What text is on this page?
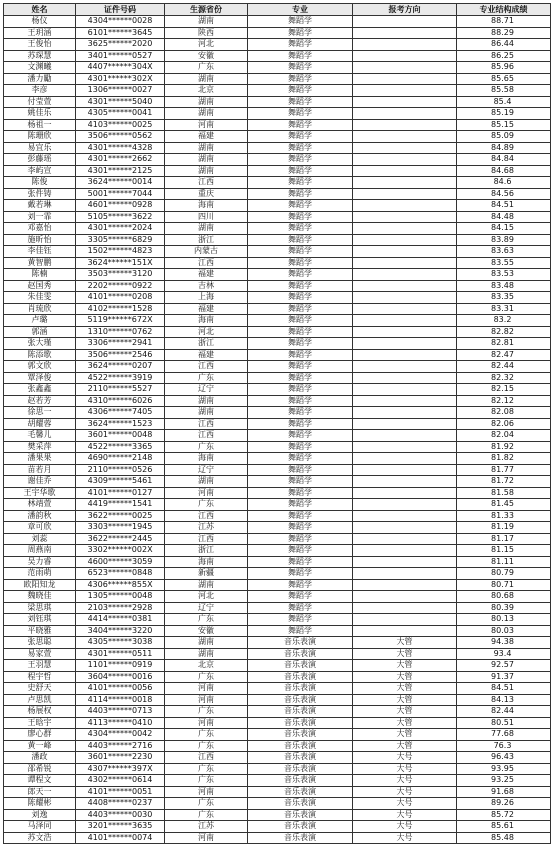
姓名	证件号码	生源省份	专业	报考方向	专业结构成绩
杨仪	4304******0028	湖南	舞蹈学		88.71
王玥涵	6101******3645	陕西	舞蹈学		88.29
王俊怡	3625******2020	河北	舞蹈学		86.44
苏琛慧	3401******0527	安徽	舞蹈学		86.25
文渊曦	4407******304X	广东	舞蹈学		85.96
潘力勵	4301******302X	湖南	舞蹈学		85.65
李彦	1306******0027	北京	舞蹈学		85.58
付莹萱	4301******5040	湖南	舞蹈学		85.4
姚佳乐	4305******0041	湖南	舞蹈学		85.19
杨祖一	4103******0025	河南	舞蹈学		85.15
陈珊欣	3506******0562	福建	舞蹈学		85.09
易宜乐	4301******4328	湖南	舞蹈学		84.89
彭藤瑶	4301******2662	湖南	舞蹈学		84.84
李屿宣	4301******2125	湖南	舞蹈学		84.68
陈俊	3624******0014	江西	舞蹈学		84.6
张件铸	5001******7044	重庆	舞蹈学		84.56
戴若琳	4601******0928	海南	舞蹈学		84.51
刘一霏	5105******3622	四川	舞蹈学		84.48
邓嘉怡	4301******2024	湖南	舞蹈学		84.15
施昕怡	3305******6829	浙江	舞蹈学		83.89
李佳钰	1502******4823	内蒙古	舞蹈学		83.63
黄智鹏	3624******151X	江西	舞蹈学		83.55
陈楠	3503******3120	福建	舞蹈学		83.53
赵国秀	2202******0922	吉林	舞蹈学		83.48
朱佳雯	4101******0208	上海	舞蹈学		83.35
肖琉欣	4102******1528	福建	舞蹈学		83.31
卢璐	5119******672X	海南	舞蹈学		83.2
郭涵	1310******0762	河北	舞蹈学		82.82
张大瑾	3306******2941	浙江	舞蹈学		82.81
陈添歌	3506******2546	福建	舞蹈学		82.47
郭文欣	3624******0207	江西	舞蹈学		82.44
覃泽俊	4522******3919	广东	舞蹈学		82.32
张鑫鑫	2110******5527	辽宁	舞蹈学		82.15
赵若芳	4310******6026	湖南	舞蹈学		82.12
徐思一	4306******7405	湖南	舞蹈学		82.08
胡耀蓉	3624******1523	江西	舞蹈学		82.06
毛馨儿	3601******0048	江西	舞蹈学		82.04
樊采萍	4522******3365	广东	舞蹈学		81.92
潘果果	4690******2148	海南	舞蹈学		81.82
苗若月	2110******0526	辽宁	舞蹈学		81.77
谢佳乔	4309******5461	湖南	舞蹈学		81.72
王宇华歌	4101******0127	河南	舞蹈学		81.58
林靖萱	4419******1541	广东	舞蹈学		81.45
潘韵秋	3622******0025	江西	舞蹈学		81.33
章可欣	3303******1945	江苏	舞蹈学		81.19
刘蕊	3622******2445	江西	舞蹈学		81.17
周燕南	3302******002X	浙江	舞蹈学		81.15
吴力睿	4600******3059	海南	舞蹈学		81.11
范雨萌	6523******0848	新疆	舞蹈学		80.79
欧阳知龙	4306******855X	湖南	舞蹈学		80.71
魏晓佳	1305******0048	河北	舞蹈学		80.68
梁思琪	2103******2928	辽宁	舞蹈学		80.39
刘钰琪	4414******0381	广东	舞蹈学		80.13
平晓雅	3404******3220	安徽	舞蹈学		80.03
张思聪	4305******3038	湖南	音乐表演	大管	94.38
易家萱	4301******0511	湖南	音乐表演	大管	93.4
王羽慧	1101******0919	北京	音乐表演	大管	92.57
程宇哲	3604******0016	广东	音乐表演	大管	91.37
史舒天	4101******0056	河南	音乐表演	大管	84.51
卢思凯	4114******0018	河南	音乐表演	大管	84.13
杨展权	4403******0713	广东	音乐表演	大管	82.44
王晗宇	4113******0410	河南	音乐表演	大管	80.51
廖心群	4304******0042	广东	音乐表演	大管	77.68
黄一峰	4403******2716	广东	音乐表演	大管	76.3
潘政	3601******2230	江西	音乐表演	大号	96.43
邵希锐	4307******397X	广东	音乐表演	大号	93.95
谭程文	4302******0614	广东	音乐表演	大号	93.25
郎天一	4101******0051	河南	音乐表演	大号	91.68
陈耀彬	4408******0237	广东	音乐表演	大号	89.26
刘逸	4403******0030	广东	音乐表演	大号	85.72
马泽同	3201******3635	江苏	音乐表演	大号	85.61
苏文浩	4101******0074	河南	音乐表演	大号	85.48
